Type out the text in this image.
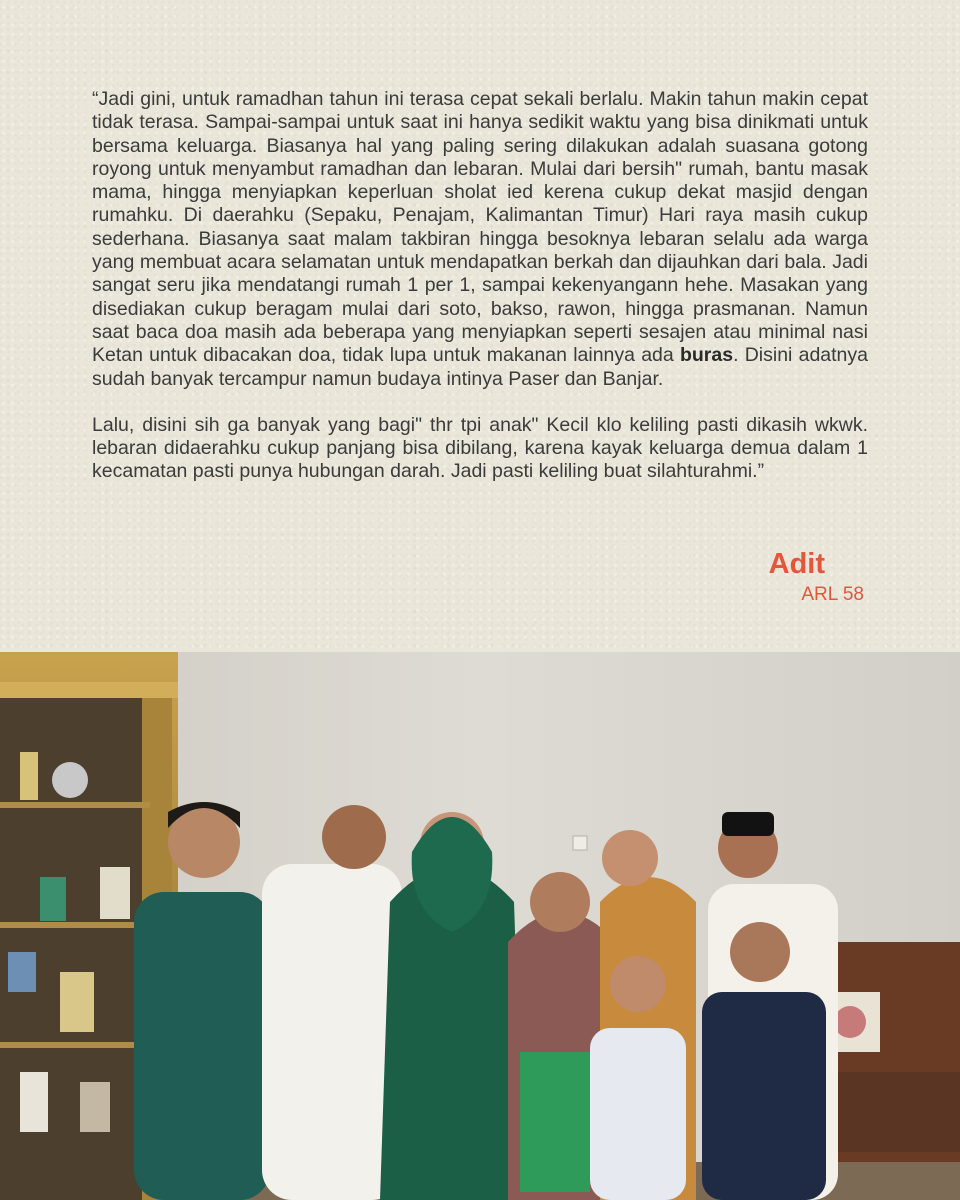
“Jadi gini, untuk ramadhan tahun ini terasa cepat sekali berlalu. Makin tahun makin cepat tidak terasa. Sampai-sampai untuk saat ini hanya sedikit waktu yang bisa dinikmati untuk bersama keluarga. Biasanya hal yang paling sering dilakukan adalah suasana gotong royong untuk menyambut ramadhan dan lebaran. Mulai dari bersih" rumah, bantu masak mama, hingga menyiapkan keperluan sholat ied kerena cukup dekat masjid dengan rumahku. Di daerahku (Sepaku, Penajam, Kalimantan Timur) Hari raya masih cukup sederhana. Biasanya saat malam takbiran hingga besoknya lebaran selalu ada warga yang membuat acara selamatan untuk mendapatkan berkah dan dijauhkan dari bala. Jadi sangat seru jika mendatangi rumah 1 per 1, sampai kekenyangann hehe. Masakan yang disediakan cukup beragam mulai dari soto, bakso, rawon, hingga prasmanan. Namun saat baca doa masih ada beberapa yang menyiapkan seperti sesajen atau minimal nasi Ketan untuk dibacakan doa, tidak lupa untuk makanan lainnya ada buras. Disini adatnya sudah banyak tercampur namun budaya intinya Paser dan Banjar.

Lalu, disini sih ga banyak yang bagi" thr tpi anak" Kecil klo keliling pasti dikasih wkwk. lebaran didaerahku cukup panjang bisa dibilang, karena kayak keluarga demua dalam 1 kecamatan pasti punya hubungan darah. Jadi pasti keliling buat silahturahmi.”

Adit
ARL 58
